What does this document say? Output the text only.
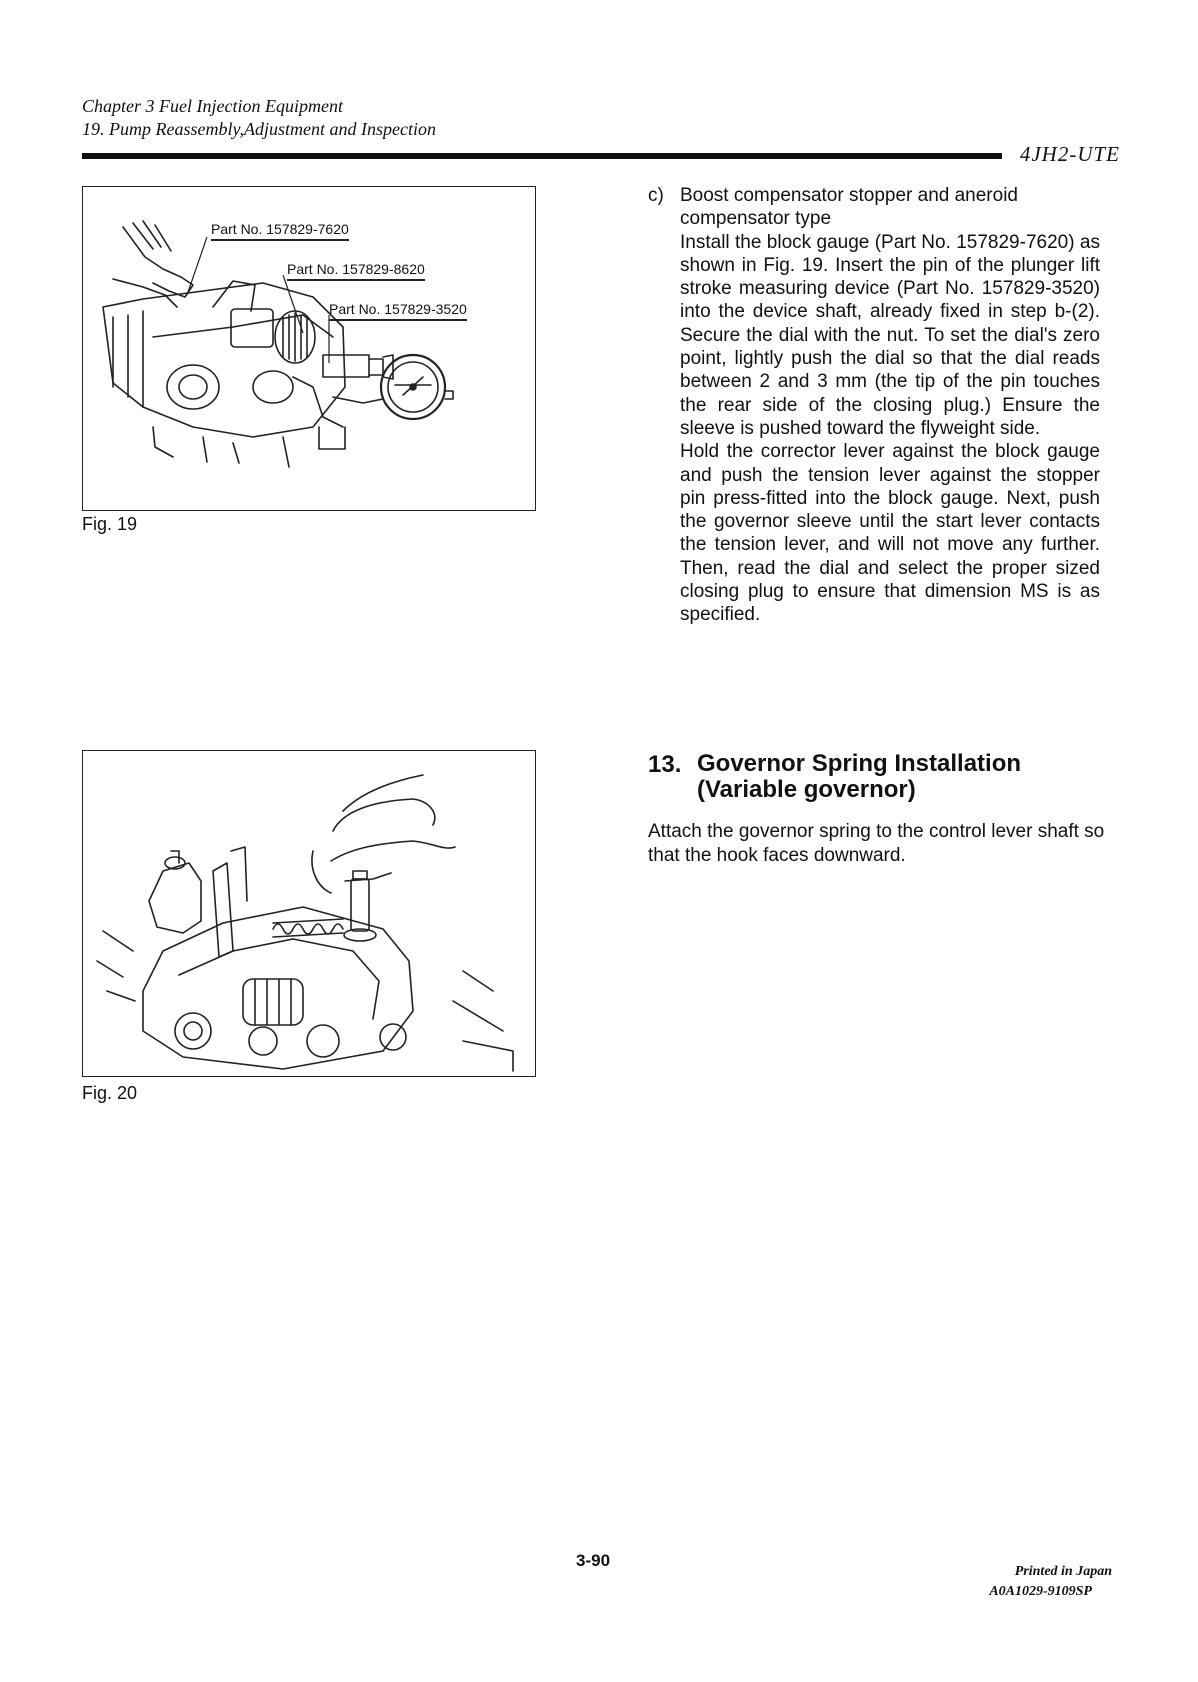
Chapter 3 Fuel Injection Equipment
19. Pump Reassembly,Adjustment and Inspection
4JH2-UTE
Part No. 157829-7620
Part No. 157829-8620
Part No. 157829-3520
Fig. 19
Fig. 20
c) Boost compensator stopper and aneroid compensator type

Install the block gauge (Part No. 157829-7620) as shown in Fig. 19. Insert the pin of the plunger lift stroke measuring device (Part No. 157829-3520) into the device shaft, already fixed in step b-(2). Secure the dial with the nut. To set the dial's zero point, lightly push the dial so that the dial reads between 2 and 3 mm (the tip of the pin touches the rear side of the closing plug.) Ensure the sleeve is pushed toward the flyweight side.

Hold the corrector lever against the block gauge and push the tension lever against the stopper pin press-fitted into the block gauge. Next, push the governor sleeve until the start lever contacts the tension lever, and will not move any further. Then, read the dial and select the proper sized closing plug to ensure that dimension MS is as specified.

13. Governor Spring Installation
(Variable governor)
Attach the governor spring to the control lever shaft so that the hook faces downward.
3-90
Printed in Japan
A0A1029-9109SP
